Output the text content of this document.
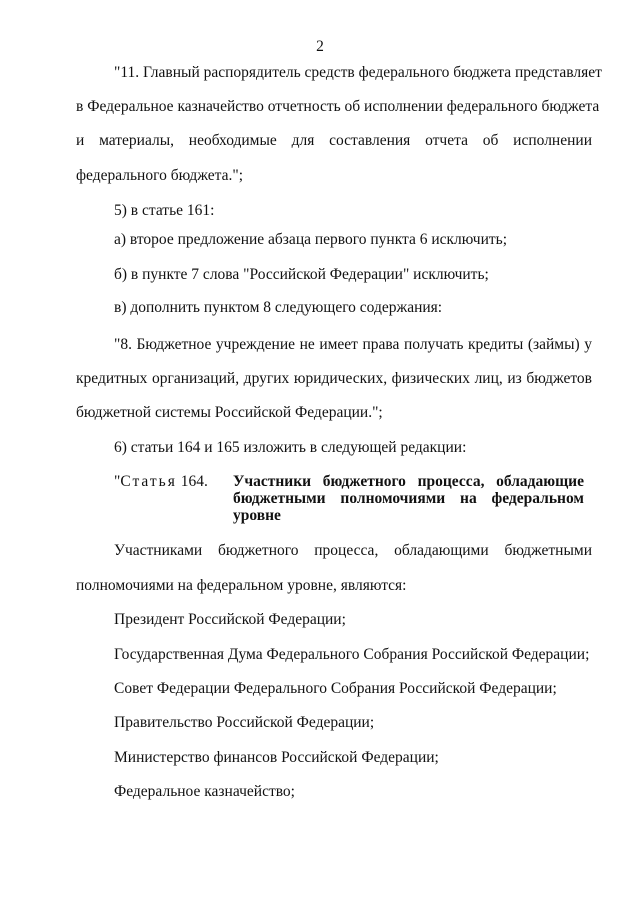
2
"11. Главный распорядитель средств федерального бюджета представляет
в Федеральное казначейство отчетность об исполнении федерального бюджета
и материалы, необходимые для составления отчета об исполнении
федерального бюджета.";
5) в статье 161:
а) второе предложение абзаца первого пункта 6 исключить;
б) в пункте 7 слова "Российской Федерации" исключить;
в) дополнить пунктом 8 следующего содержания:
"8. Бюджетное учреждение не имеет права получать кредиты (займы) у
кредитных организаций, других юридических, физических лиц, из бюджетов
бюджетной системы Российской Федерации.";
6) статьи 164 и 165 изложить в следующей редакции:
"Статья 164. Участники бюджетного процесса, обладающие
бюджетными полномочиями на федеральном
уровне
Участниками бюджетного процесса, обладающими бюджетными
полномочиями на федеральном уровне, являются:
Президент Российской Федерации;
Государственная Дума Федерального Собрания Российской Федерации;
Совет Федерации Федерального Собрания Российской Федерации;
Правительство Российской Федерации;
Министерство финансов Российской Федерации;
Федеральное казначейство;
